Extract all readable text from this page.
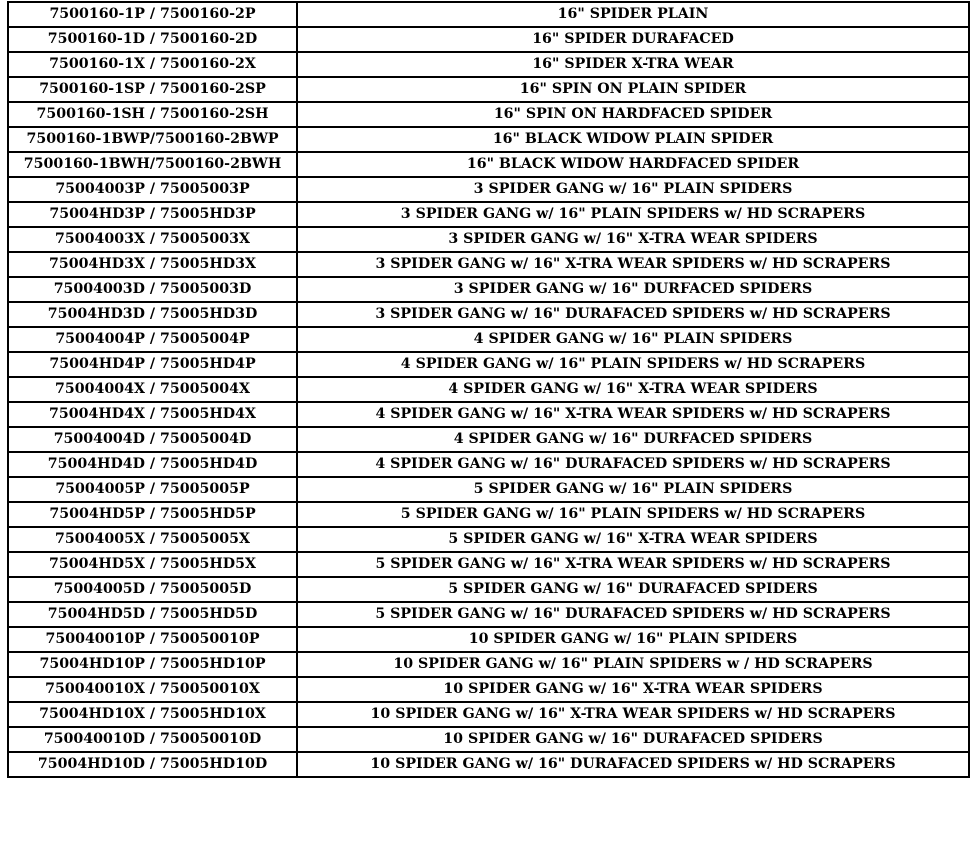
7500160-1P / 7500160-2P	16" SPIDER PLAIN
7500160-1D / 7500160-2D	16" SPIDER DURAFACED
7500160-1X / 7500160-2X	16" SPIDER X-TRA WEAR
7500160-1SP / 7500160-2SP	16" SPIN ON PLAIN SPIDER
7500160-1SH / 7500160-2SH	16" SPIN ON HARDFACED SPIDER
7500160-1BWP/7500160-2BWP	16" BLACK WIDOW PLAIN SPIDER
7500160-1BWH/7500160-2BWH	16" BLACK WIDOW HARDFACED SPIDER
75004003P / 75005003P	3 SPIDER GANG w/ 16" PLAIN SPIDERS
75004HD3P / 75005HD3P	3 SPIDER GANG w/ 16" PLAIN SPIDERS w/ HD SCRAPERS
75004003X / 75005003X	3 SPIDER GANG w/ 16" X-TRA WEAR SPIDERS
75004HD3X / 75005HD3X	3 SPIDER GANG w/ 16" X-TRA WEAR SPIDERS w/ HD SCRAPERS
75004003D / 75005003D	3 SPIDER GANG w/ 16" DURFACED SPIDERS
75004HD3D / 75005HD3D	3 SPIDER GANG w/ 16" DURAFACED SPIDERS w/ HD SCRAPERS
75004004P / 75005004P	4 SPIDER GANG w/ 16" PLAIN SPIDERS
75004HD4P / 75005HD4P	4 SPIDER GANG w/ 16" PLAIN SPIDERS w/ HD SCRAPERS
75004004X / 75005004X	4 SPIDER GANG w/ 16" X-TRA WEAR SPIDERS
75004HD4X / 75005HD4X	4 SPIDER GANG w/ 16" X-TRA WEAR SPIDERS w/ HD SCRAPERS
75004004D / 75005004D	4 SPIDER GANG w/ 16" DURFACED SPIDERS
75004HD4D / 75005HD4D	4 SPIDER GANG w/ 16" DURAFACED SPIDERS w/ HD SCRAPERS
75004005P / 75005005P	5 SPIDER GANG w/ 16" PLAIN SPIDERS
75004HD5P / 75005HD5P	5 SPIDER GANG w/ 16" PLAIN SPIDERS w/ HD SCRAPERS
75004005X / 75005005X	5 SPIDER GANG w/ 16" X-TRA WEAR SPIDERS
75004HD5X / 75005HD5X	5 SPIDER GANG w/ 16" X-TRA WEAR SPIDERS w/ HD SCRAPERS
75004005D / 75005005D	5 SPIDER GANG w/ 16" DURAFACED SPIDERS
75004HD5D / 75005HD5D	5 SPIDER GANG w/ 16" DURAFACED SPIDERS w/ HD SCRAPERS
750040010P / 750050010P	10 SPIDER GANG w/ 16" PLAIN SPIDERS
75004HD10P / 75005HD10P	10 SPIDER GANG w/ 16" PLAIN SPIDERS w / HD SCRAPERS
750040010X / 750050010X	10 SPIDER GANG w/ 16" X-TRA WEAR SPIDERS
75004HD10X / 75005HD10X	10 SPIDER GANG w/ 16" X-TRA WEAR SPIDERS w/ HD SCRAPERS
750040010D / 750050010D	10 SPIDER GANG w/ 16" DURAFACED SPIDERS
75004HD10D / 75005HD10D	10 SPIDER GANG w/ 16" DURAFACED SPIDERS w/ HD SCRAPERS
